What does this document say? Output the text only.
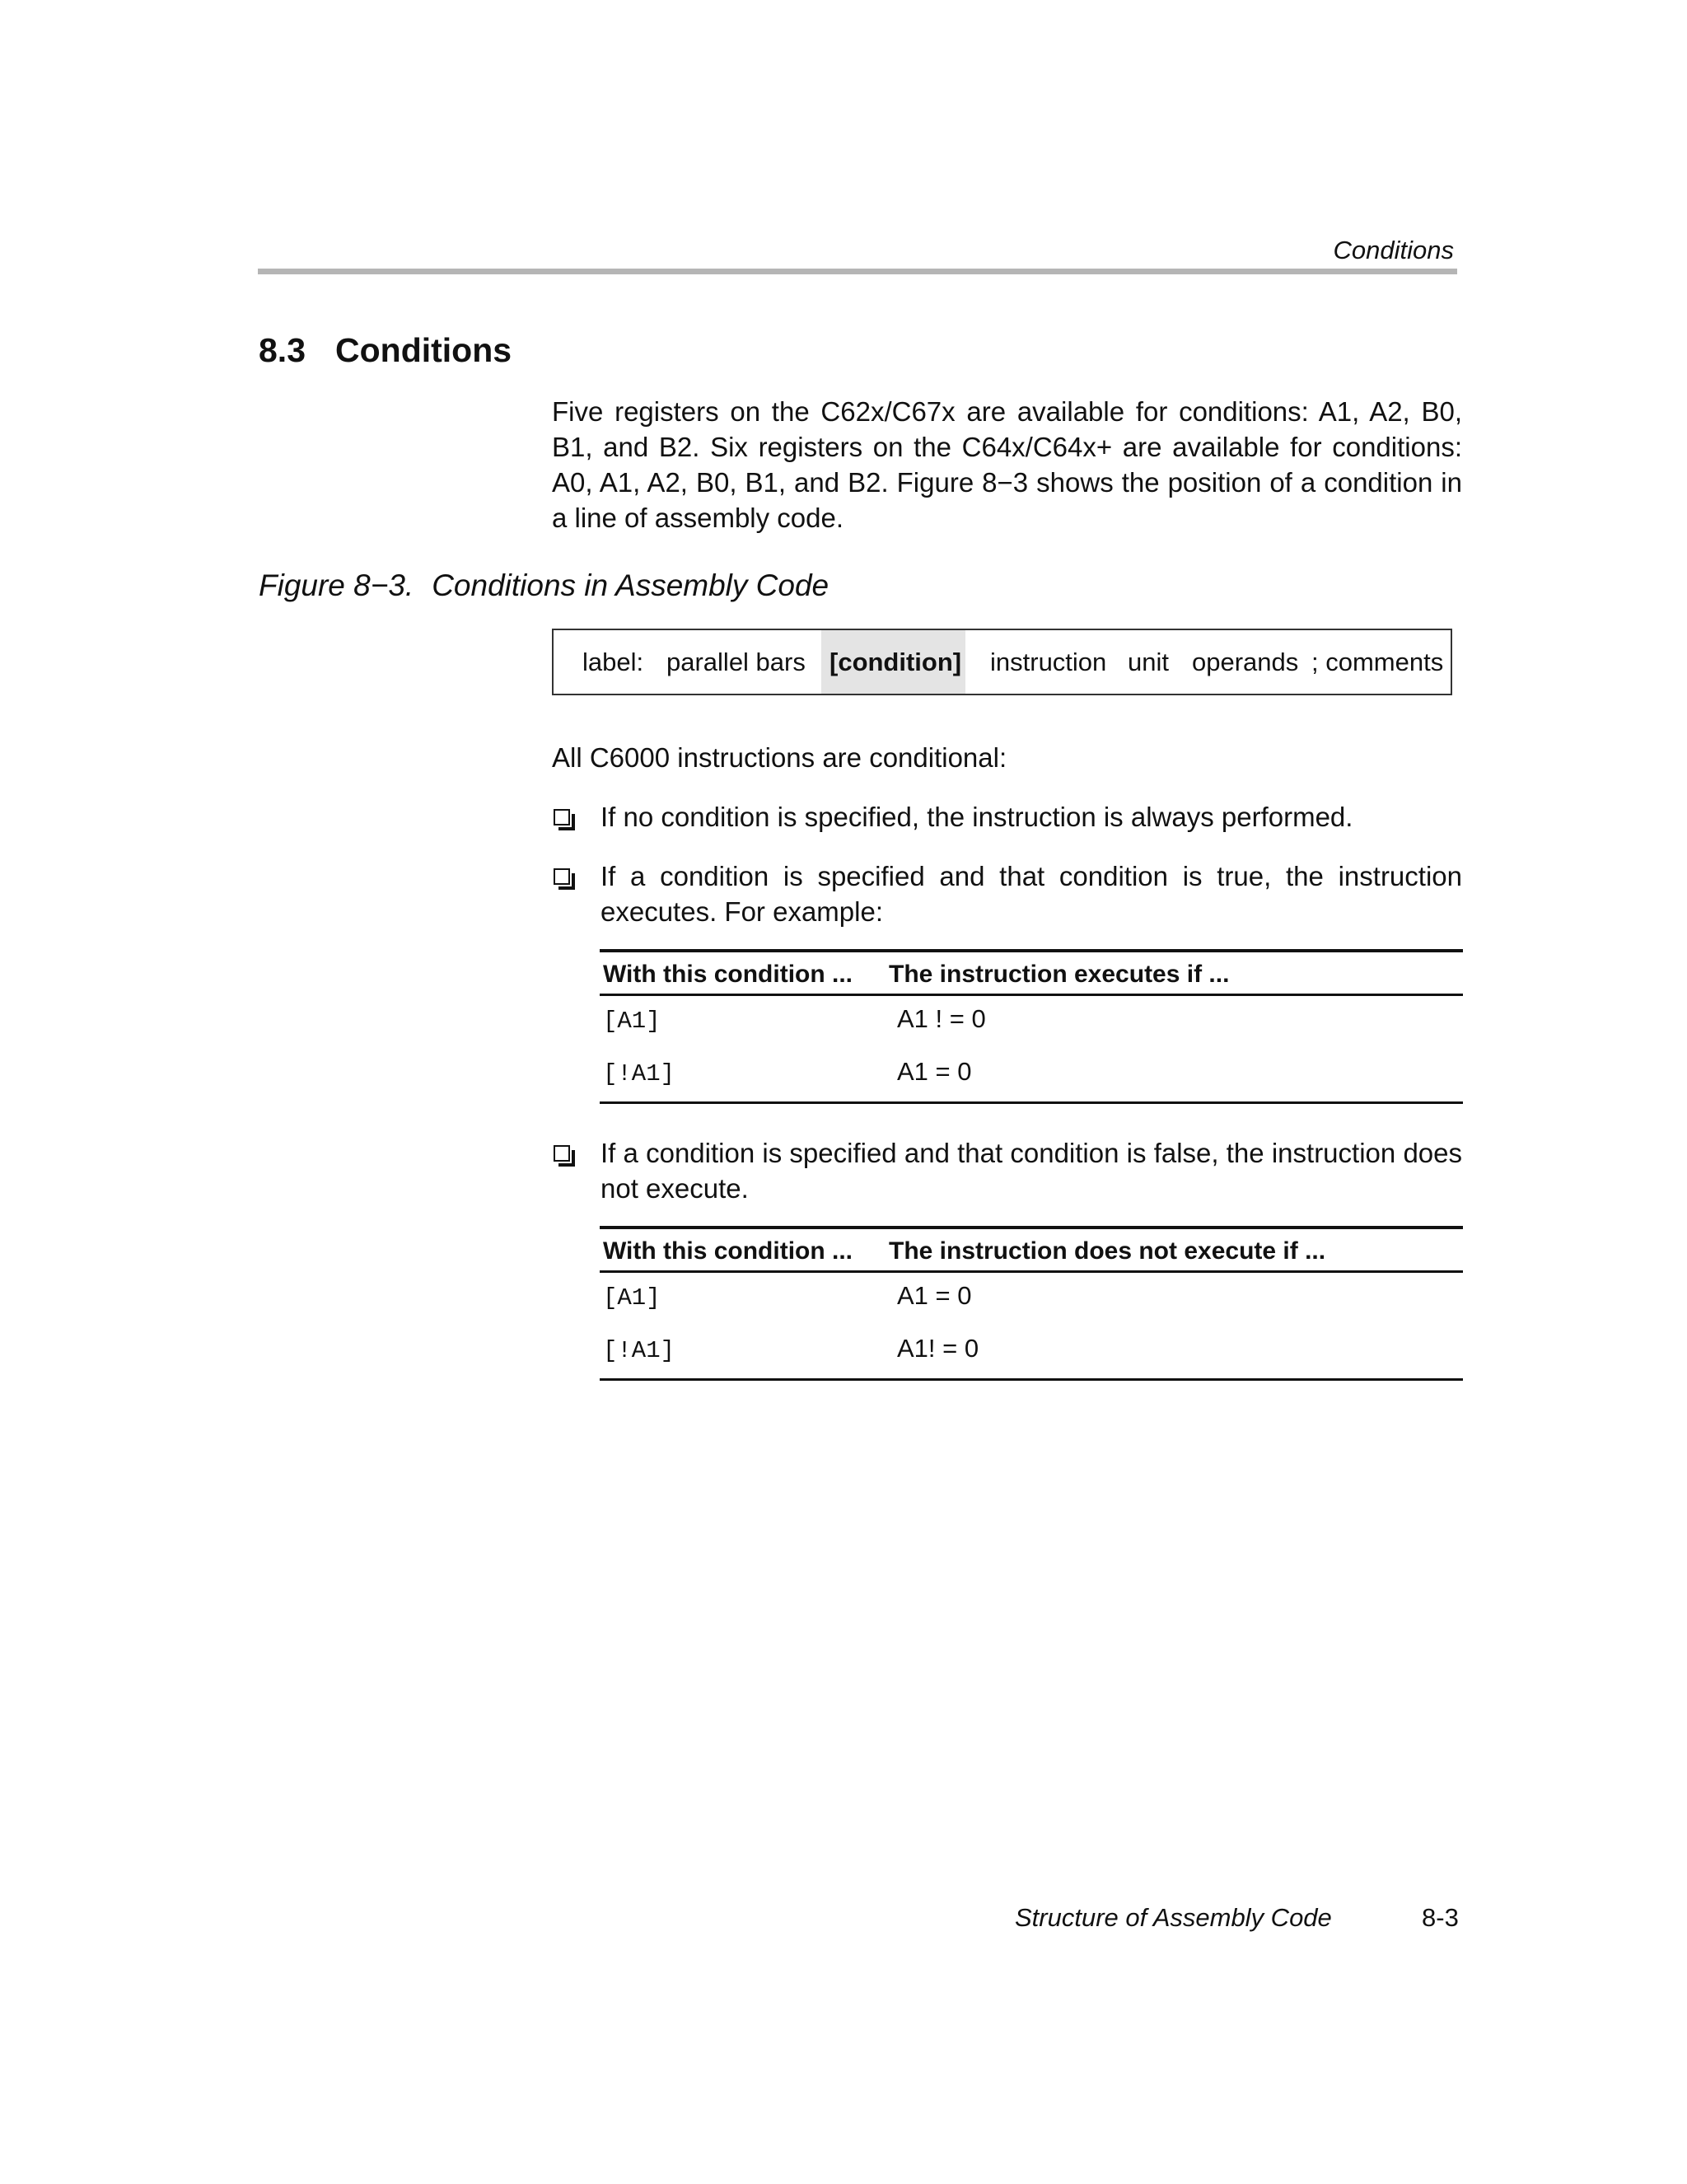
Conditions
8.3 Conditions

Five registers on the C62x/C67x are available for conditions: A1, A2, B0, B1, and B2. Six registers on the C64x/C64x+ are available for conditions: A0, A1, A2, B0, B1, and B2. Figure 8−3 shows the position of a condition in a line of assembly code.

Figure 8−3. Conditions in Assembly Code
label: parallel bars [condition] instruction unit operands ; comments

All C6000 instructions are conditional:

If no condition is specified, the instruction is always performed.

If a condition is specified and that condition is true, the instruction executes. For example:

With this condition ... The instruction executes if ...
[A1]	A1 ! = 0
[!A1]	A1 = 0

If a condition is specified and that condition is false, the instruction does not execute.

With this condition ... The instruction does not execute if ...
[A1]	A1 = 0
[!A1]	A1! = 0
Structure of Assembly Code	8-3
